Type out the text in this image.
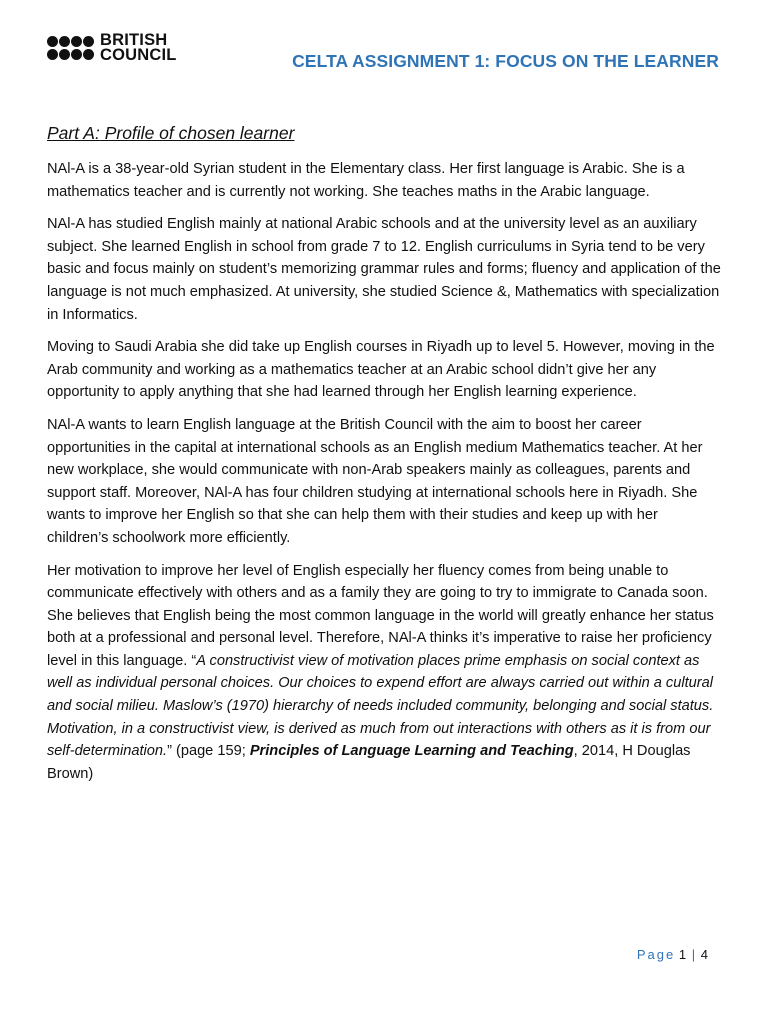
BRITISH
COUNCIL	CELTA ASSIGNMENT 1: FOCUS ON THE LEARNER
Part A: Profile of chosen learner

NAl-A is a 38-year-old Syrian student in the Elementary class. Her first language is Arabic. She is a mathematics teacher and is currently not working. She teaches maths in the Arabic language.

NAl-A has studied English mainly at national Arabic schools and at the university level as an auxiliary subject. She learned English in school from grade 7 to 12. English curriculums in Syria tend to be very basic and focus mainly on student’s memorizing grammar rules and forms; fluency and application of the language is not much emphasized. At university, she studied Science &, Mathematics with specialization in Informatics.

Moving to Saudi Arabia she did take up English courses in Riyadh up to level 5. However, moving in the Arab community and working as a mathematics teacher at an Arabic school didn’t give her any opportunity to apply anything that she had learned through her English learning experience.

NAl-A wants to learn English language at the British Council with the aim to boost her career opportunities in the capital at international schools as an English medium Mathematics teacher. At her new workplace, she would communicate with non-Arab speakers mainly as colleagues, parents and support staff. Moreover, NAl-A has four children studying at international schools here in Riyadh. She wants to improve her English so that she can help them with their studies and keep up with her children’s schoolwork more efficiently.

Her motivation to improve her level of English especially her fluency comes from being unable to communicate effectively with others and as a family they are going to try to immigrate to Canada soon. She believes that English being the most common language in the world will greatly enhance her status both at a professional and personal level. Therefore, NAl-A thinks it’s imperative to raise her proficiency level in this language. “A constructivist view of motivation places prime emphasis on social context as well as individual personal choices. Our choices to expend effort are always carried out within a cultural and social milieu. Maslow’s (1970) hierarchy of needs included community, belonging and social status. Motivation, in a constructivist view, is derived as much from out interactions with others as it is from our self-determination.” (page 159; Principles of Language Learning and Teaching, 2014, H Douglas Brown)

Page 1 | 4
